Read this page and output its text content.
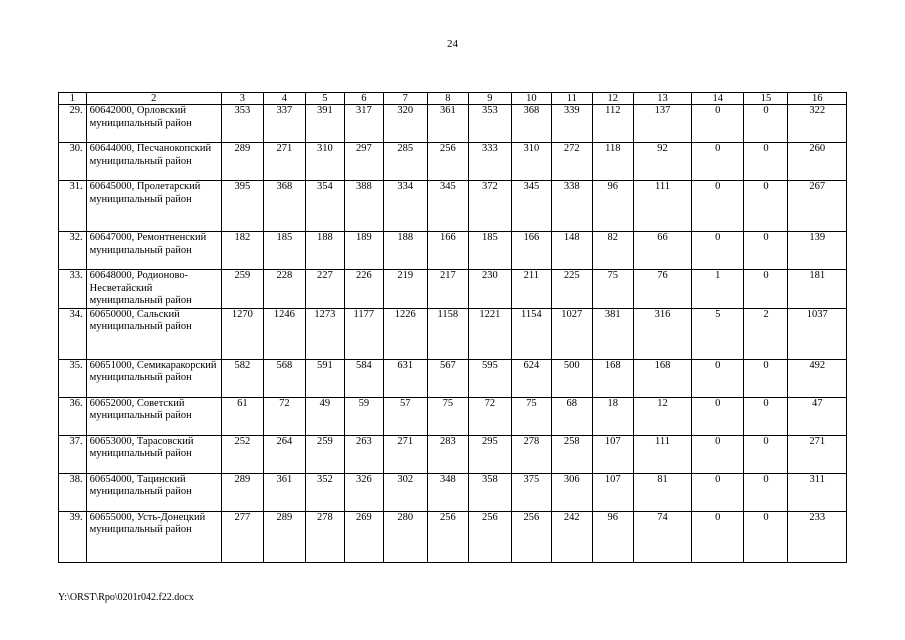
24
1	2	3	4	5	6	7	8	9	10	11	12	13	14	15	16
29.	60642000, Орловский муниципальный район	353	337	391	317	320	361	353	368	339	112	137	0	0	322
30.	60644000, Песчанокопский муниципальный район	289	271	310	297	285	256	333	310	272	118	92	0	0	260
31.	60645000, Пролетарский муниципальный район	395	368	354	388	334	345	372	345	338	96	111	0	0	267
32.	60647000, Ремонтненский муниципальный район	182	185	188	189	188	166	185	166	148	82	66	0	0	139
33.	60648000, Родионово-Несветайский муниципальный район	259	228	227	226	219	217	230	211	225	75	76	1	0	181
34.	60650000, Сальский муниципальный район	1270	1246	1273	1177	1226	1158	1221	1154	1027	381	316	5	2	1037
35.	60651000, Семикаракорский муниципальный район	582	568	591	584	631	567	595	624	500	168	168	0	0	492
36.	60652000, Советский муниципальный район	61	72	49	59	57	75	72	75	68	18	12	0	0	47
37.	60653000, Тарасовский муниципальный район	252	264	259	263	271	283	295	278	258	107	111	0	0	271
38.	60654000, Тацинский муниципальный район	289	361	352	326	302	348	358	375	306	107	81	0	0	311
39.	60655000, Усть-Донецкий муниципальный район	277	289	278	269	280	256	256	256	242	96	74	0	0	233
Y:\ORST\Rpo\0201r042.f22.docx
